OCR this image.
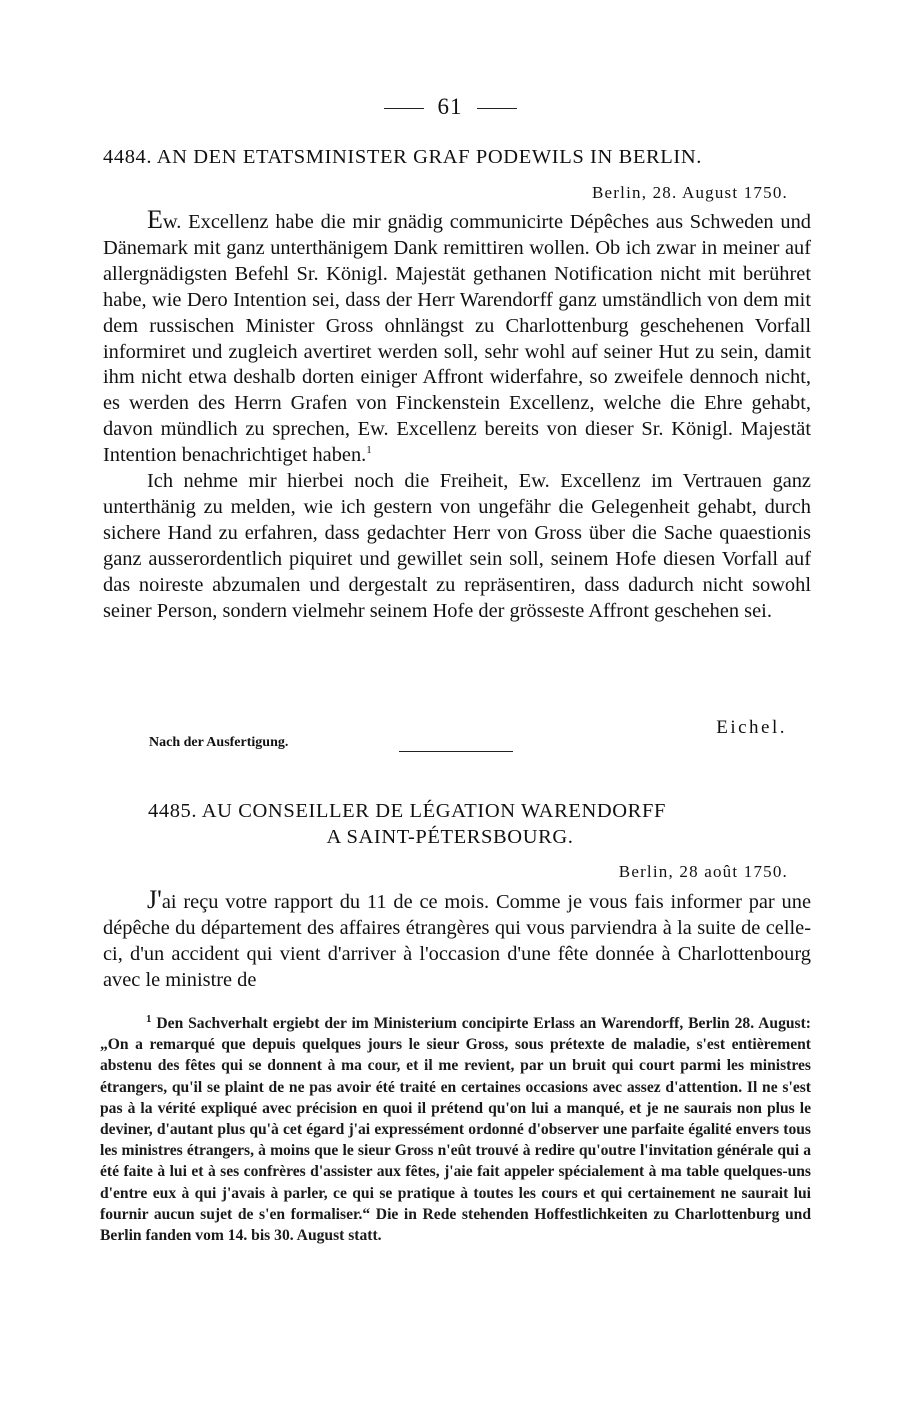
61
4484. AN DEN ETATSMINISTER GRAF PODEWILS IN BERLIN.
Berlin, 28. August 1750.

Ew. Excellenz habe die mir gnädig communicirte Dépêches aus Schweden und Dänemark mit ganz unterthänigem Dank remittiren wollen. Ob ich zwar in meiner auf allergnädigsten Befehl Sr. Königl. Majestät gethanen Notification nicht mit berühret habe, wie Dero Intention sei, dass der Herr Warendorff ganz umständlich von dem mit dem russischen Minister Gross ohnlängst zu Charlottenburg geschehenen Vorfall informiret und zugleich avertiret werden soll, sehr wohl auf seiner Hut zu sein, damit ihm nicht etwa deshalb dorten einiger Affront widerfahre, so zweifele dennoch nicht, es werden des Herrn Grafen von Finckenstein Excellenz, welche die Ehre gehabt, davon mündlich zu sprechen, Ew. Excellenz bereits von dieser Sr. Königl. Majestät Intention benachrichtiget haben.$^1$

Ich nehme mir hierbei noch die Freiheit, Ew. Excellenz im Vertrauen ganz unterthänig zu melden, wie ich gestern von ungefähr die Gelegenheit gehabt, durch sichere Hand zu erfahren, dass gedachter Herr von Gross über die Sache quaestionis ganz ausserordentlich piquiret und gewillet sein soll, seinem Hofe diesen Vorfall auf das noireste abzumalen und dergestalt zu repräsentiren, dass dadurch nicht sowohl seiner Person, sondern vielmehr seinem Hofe der grösseste Affront geschehen sei.

Eichel.
Nach der Ausfertigung.
4485. AU CONSEILLER DE LÉGATION WARENDORFF
A SAINT-PÉTERSBOURG.
Berlin, 28 août 1750.

J'ai reçu votre rapport du 11 de ce mois. Comme je vous fais informer par une dépêche du département des affaires étrangères qui vous parviendra à la suite de celle-ci, d'un accident qui vient d'arriver à l'occasion d'une fête donnée à Charlottenbourg avec le ministre de

$^1$ Den Sachverhalt ergiebt der im Ministerium concipirte Erlass an Warendorff, Berlin 28. August: „On a remarqué que depuis quelques jours le sieur Gross, sous prétexte de maladie, s'est entièrement abstenu des fêtes qui se donnent à ma cour, et il me revient, par un bruit qui court parmi les ministres étrangers, qu'il se plaint de ne pas avoir été traité en certaines occasions avec assez d'attention. Il ne s'est pas à la vérité expliqué avec précision en quoi il prétend qu'on lui a manqué, et je ne saurais non plus le deviner, d'autant plus qu'à cet égard j'ai expressément ordonné d'observer une parfaite égalité envers tous les ministres étrangers, à moins que le sieur Gross n'eût trouvé à redire qu'outre l'invitation générale qui a été faite à lui et à ses confrères d'assister aux fêtes, j'aie fait appeler spécialement à ma table quelques-uns d'entre eux à qui j'avais à parler, ce qui se pratique à toutes les cours et qui certainement ne saurait lui fournir aucun sujet de s'en formaliser.“ Die in Rede stehenden Hoffestlichkeiten zu Charlottenburg und Berlin fanden vom 14. bis 30. August statt.
